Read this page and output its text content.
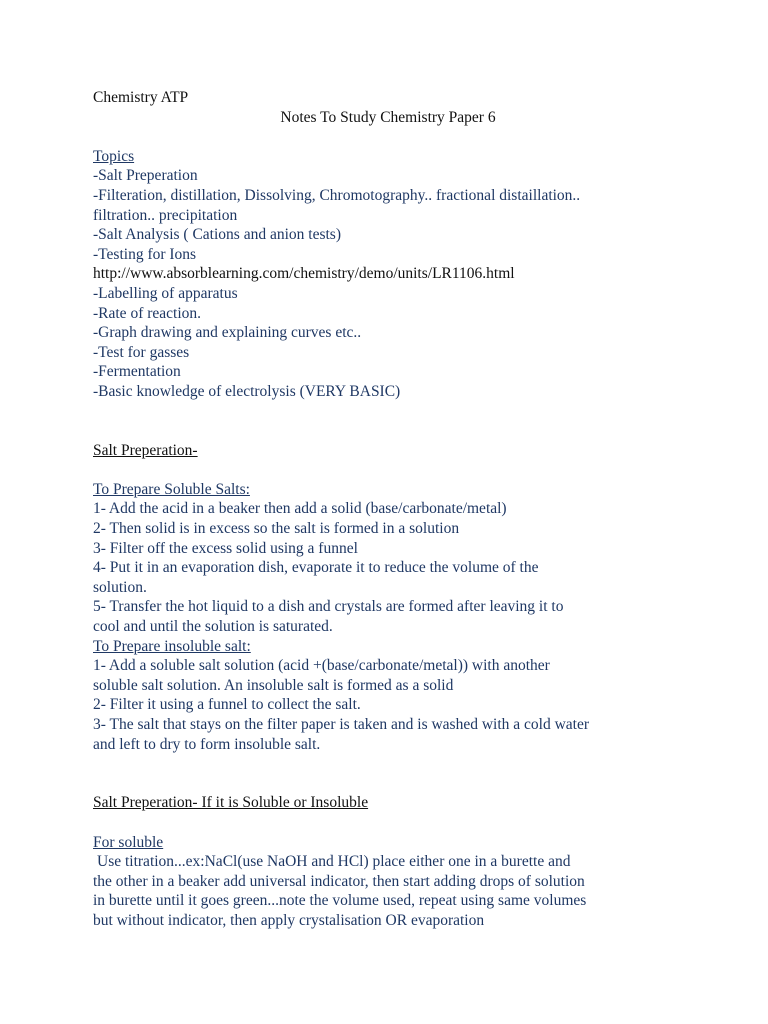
Chemistry ATP
Notes To Study Chemistry Paper 6
Topics
-Salt Preperation
-Filteration, distillation, Dissolving, Chromotography.. fractional distaillation..
filtration.. precipitation
-Salt Analysis ( Cations and anion tests)
-Testing for Ions
http://www.absorblearning.com/chemistry/demo/units/LR1106.html
-Labelling of apparatus
-Rate of reaction.
-Graph drawing and explaining curves etc..
-Test for gasses
-Fermentation
-Basic knowledge of electrolysis (VERY BASIC)
Salt Preperation-
To Prepare Soluble Salts:
1- Add the acid in a beaker then add a solid (base/carbonate/metal)
2- Then solid is in excess so the salt is formed in a solution
3- Filter off the excess solid using a funnel
4- Put it in an evaporation dish, evaporate it to reduce the volume of the
solution.
5- Transfer the hot liquid to a dish and crystals are formed after leaving it to
cool and until the solution is saturated.
To Prepare insoluble salt:
1- Add a soluble salt solution (acid +(base/carbonate/metal)) with another
soluble salt solution. An insoluble salt is formed as a solid
2- Filter it using a funnel to collect the salt.
3- The salt that stays on the filter paper is taken and is washed with a cold water
and left to dry to form insoluble salt.
Salt Preperation- If it is Soluble or Insoluble
For soluble
Use titration...ex:NaCl(use NaOH and HCl) place either one in a burette and
the other in a beaker add universal indicator, then start adding drops of solution
in burette until it goes green...note the volume used, repeat using same volumes
but without indicator, then apply crystalisation OR evaporation
